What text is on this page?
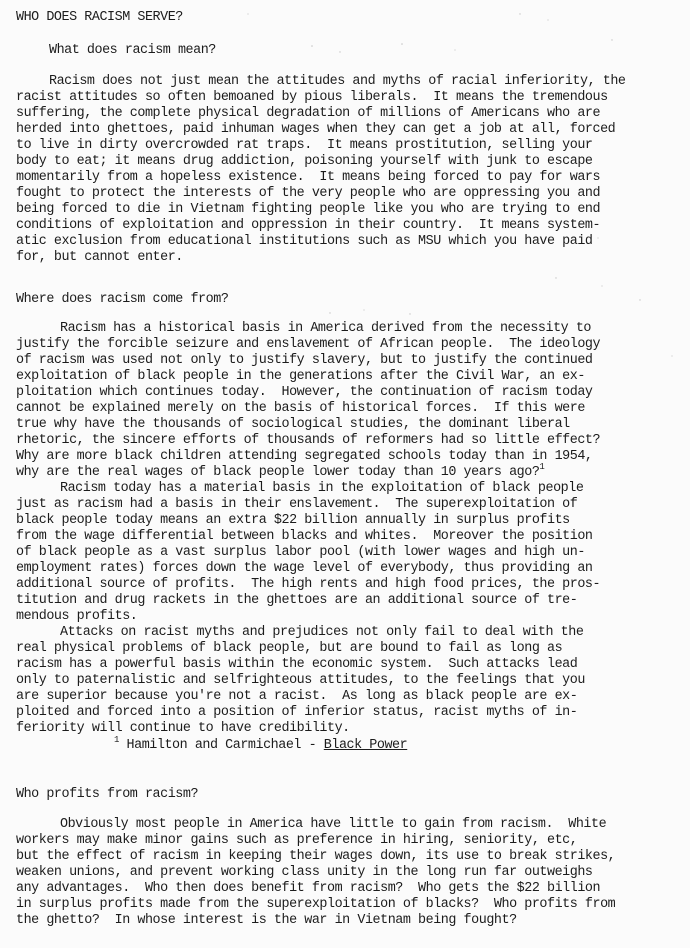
WHO DOES RACISM SERVE?
What does racism mean?
Racism does not just mean the attitudes and myths of racial inferiority, the
racist attitudes so often bemoaned by pious liberals.  It means the tremendous
suffering, the complete physical degradation of millions of Americans who are
herded into ghettoes, paid inhuman wages when they can get a job at all, forced
to live in dirty overcrowded rat traps.  It means prostitution, selling your
body to eat; it means drug addiction, poisoning yourself with junk to escape
momentarily from a hopeless existence.  It means being forced to pay for wars
fought to protect the interests of the very people who are oppressing you and
being forced to die in Vietnam fighting people like you who are trying to end
conditions of exploitation and oppression in their country.  It means system-
atic exclusion from educational institutions such as MSU which you have paid
for, but cannot enter.
Where does racism come from?
Racism has a historical basis in America derived from the necessity to
justify the forcible seizure and enslavement of African people.  The ideology
of racism was used not only to justify slavery, but to justify the continued
exploitation of black people in the generations after the Civil War, an ex-
ploitation which continues today.  However, the continuation of racism today
cannot be explained merely on the basis of historical forces.  If this were
true why have the thousands of sociological studies, the dominant liberal
rhetoric, the sincere efforts of thousands of reformers had so little effect?
Why are more black children attending segregated schools today than in 1954,
why are the real wages of black people lower today than 10 years ago?$^1$
Racism today has a material basis in the exploitation of black people
just as racism had a basis in their enslavement.  The superexploitation of
black people today means an extra $22 billion annually in surplus profits
from the wage differential between blacks and whites.  Moreover the position
of black people as a vast surplus labor pool (with lower wages and high un-
employment rates) forces down the wage level of everybody, thus providing an
additional source of profits.  The high rents and high food prices, the pros-
titution and drug rackets in the ghettoes are an additional source of tre-
mendous profits.
Attacks on racist myths and prejudices not only fail to deal with the
real physical problems of black people, but are bound to fail as long as
racism has a powerful basis within the economic system.  Such attacks lead
only to paternalistic and selfrighteous attitudes, to the feelings that you
are superior because you're not a racist.  As long as black people are ex-
ploited and forced into a position of inferior status, racist myths of in-
feriority will continue to have credibility.
$^1$ Hamilton and Carmichael - Black Power
Who profits from racism?
Obviously most people in America have little to gain from racism.  White
workers may make minor gains such as preference in hiring, seniority, etc,
but the effect of racism in keeping their wages down, its use to break strikes,
weaken unions, and prevent working class unity in the long run far outweighs
any advantages.  Who then does benefit from racism?  Who gets the $22 billion
in surplus profits made from the superexploitation of blacks?  Who profits from
the ghetto?  In whose interest is the war in Vietnam being fought?
